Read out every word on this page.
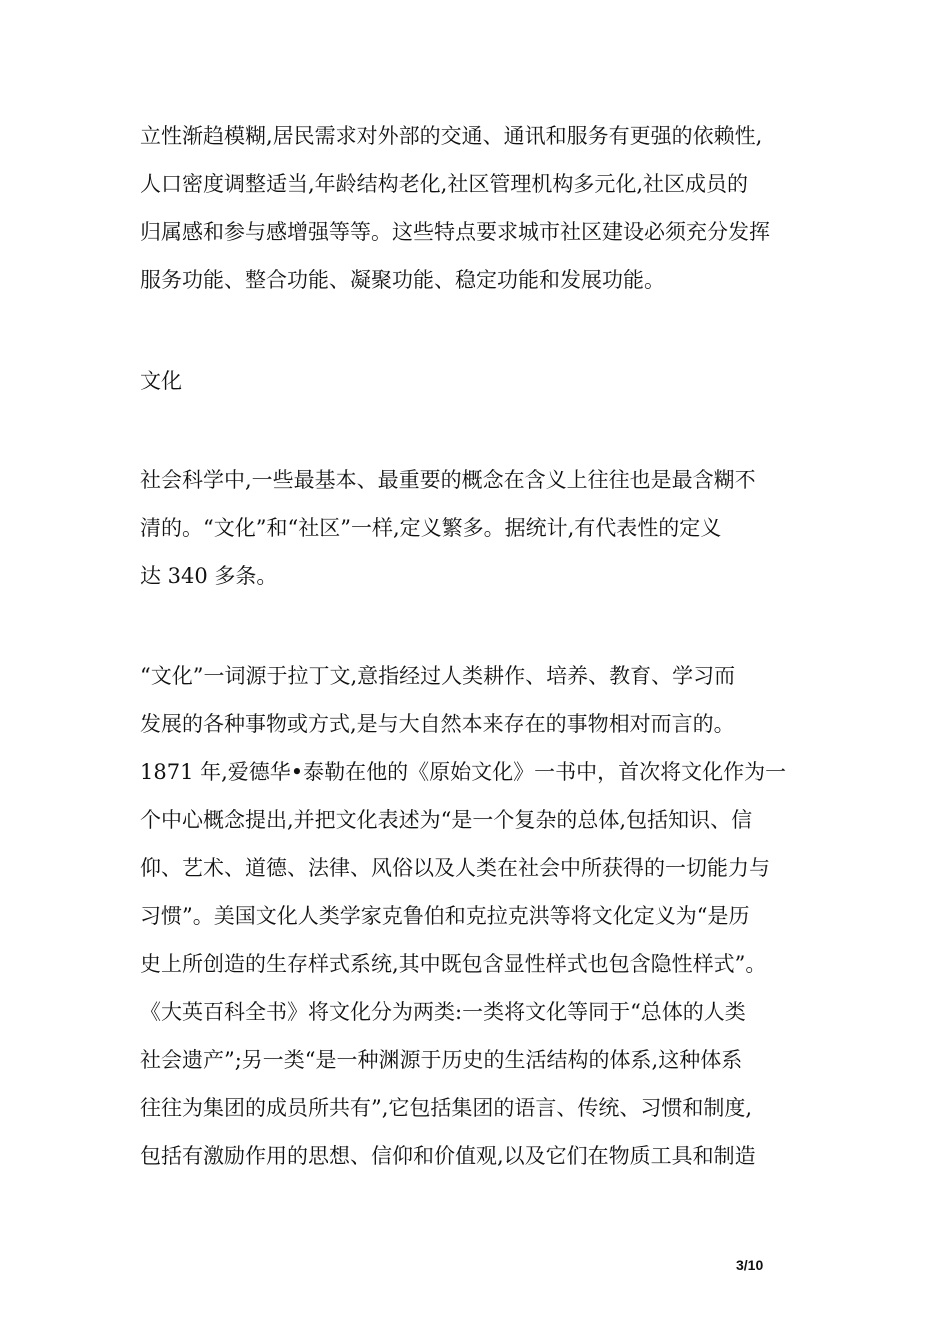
立性渐趋模糊,居民需求对外部的交通、通讯和服务有更强的依赖性,
人口密度调整适当,年龄结构老化,社区管理机构多元化,社区成员的
归属感和参与感增强等等。这些特点要求城市社区建设必须充分发挥
服务功能、整合功能、凝聚功能、稳定功能和发展功能。
文化
社会科学中,一些最基本、最重要的概念在含义上往往也是最含糊不
清的。“文化”和“社区”一样,定义繁多。据统计,有代表性的定义
达 340 多条。
“文化”一词源于拉丁文,意指经过人类耕作、培养、教育、学习而
发展的各种事物或方式,是与大自然本来存在的事物相对而言的。
1871 年,爱德华•泰勒在他的《原始文化》一书中，首次将文化作为一
个中心概念提出,并把文化表述为“是一个复杂的总体,包括知识、信
仰、艺术、道德、法律、风俗以及人类在社会中所获得的一切能力与
习惯”。美国文化人类学家克鲁伯和克拉克洪等将文化定义为“是历
史上所创造的生存样式系统,其中既包含显性样式也包含隐性样式”。
《大英百科全书》将文化分为两类:一类将文化等同于“总体的人类
社会遗产”;另一类“是一种渊源于历史的生活结构的体系,这种体系
往往为集团的成员所共有”,它包括集团的语言、传统、习惯和制度,
包括有激励作用的思想、信仰和价值观,以及它们在物质工具和制造
3/10
